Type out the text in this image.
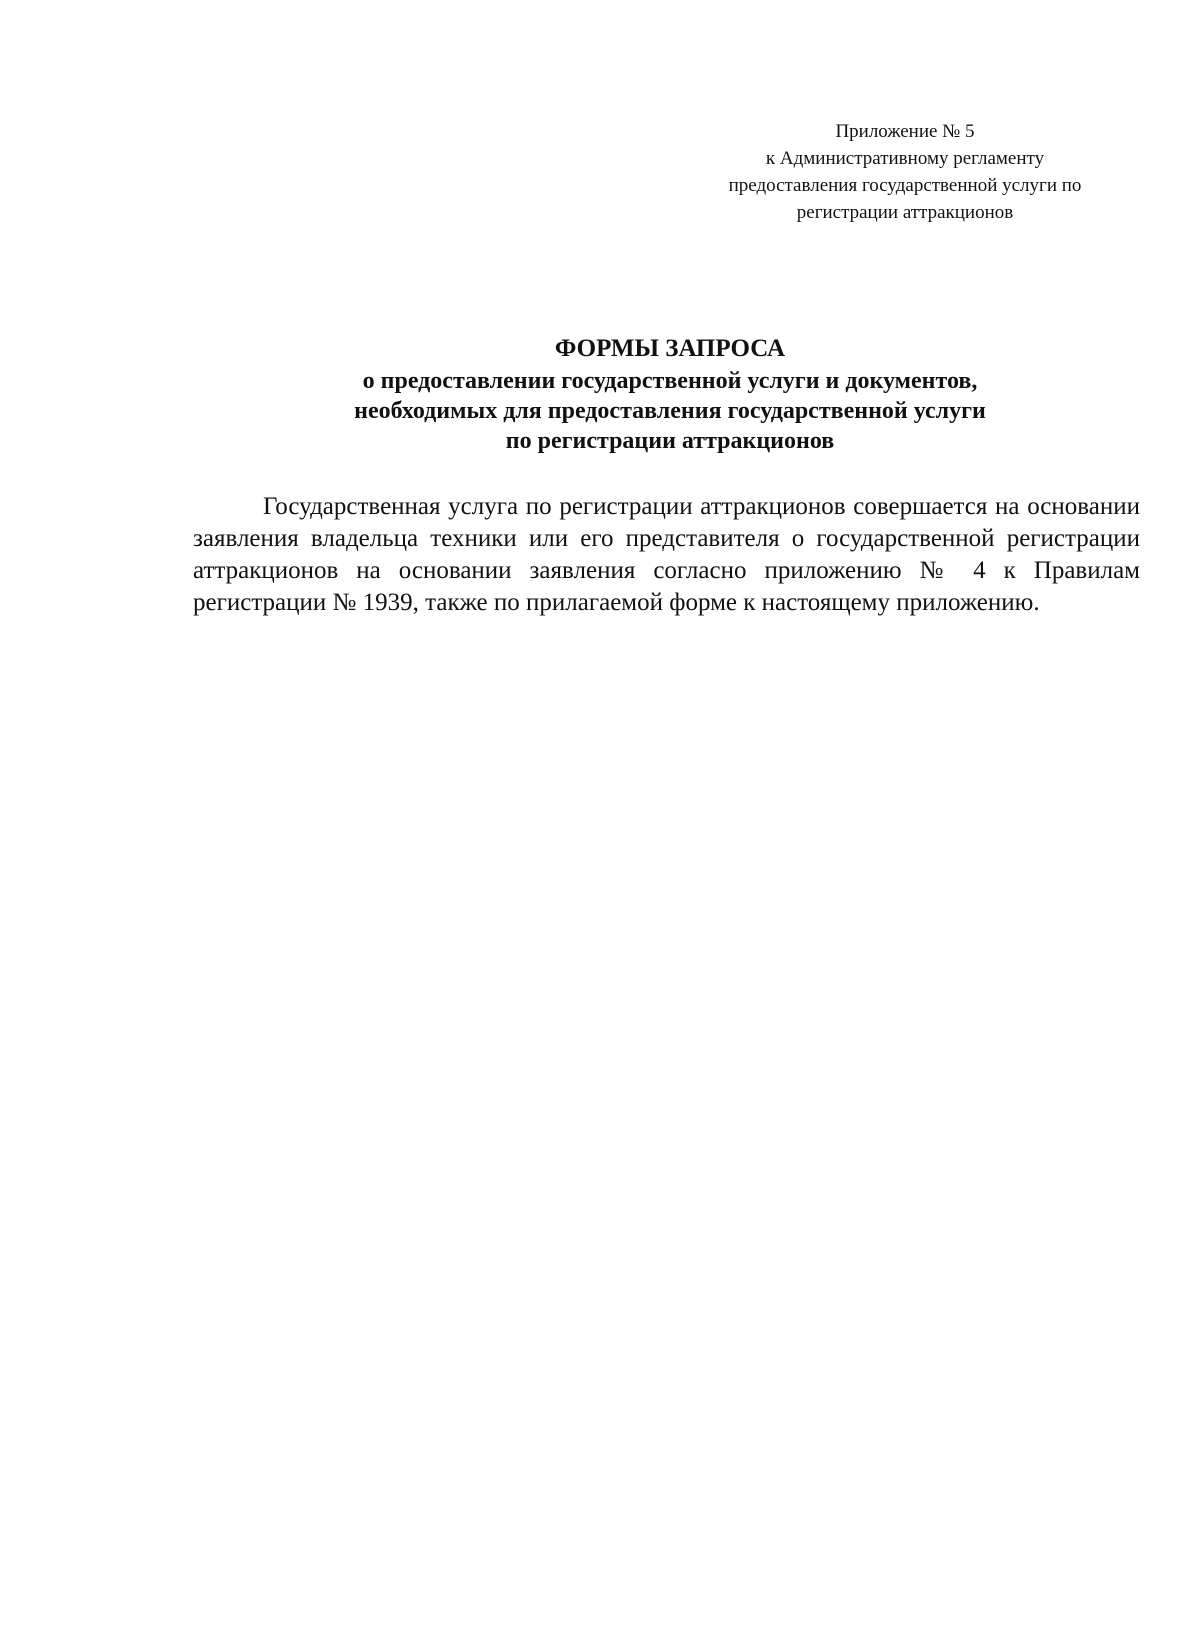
Приложение № 5
к Административному регламенту
предоставления государственной услуги по
регистрации аттракционов
ФОРМЫ ЗАПРОСА
о предоставлении государственной услуги и документов,
необходимых для предоставления государственной услуги
по регистрации аттракционов

Государственная услуга по регистрации аттракционов совершается на основании заявления владельца техники или его представителя о государственной регистрации аттракционов на основании заявления согласно приложению № 4 к Правилам регистрации № 1939, также по прилагаемой форме к настоящему приложению.
